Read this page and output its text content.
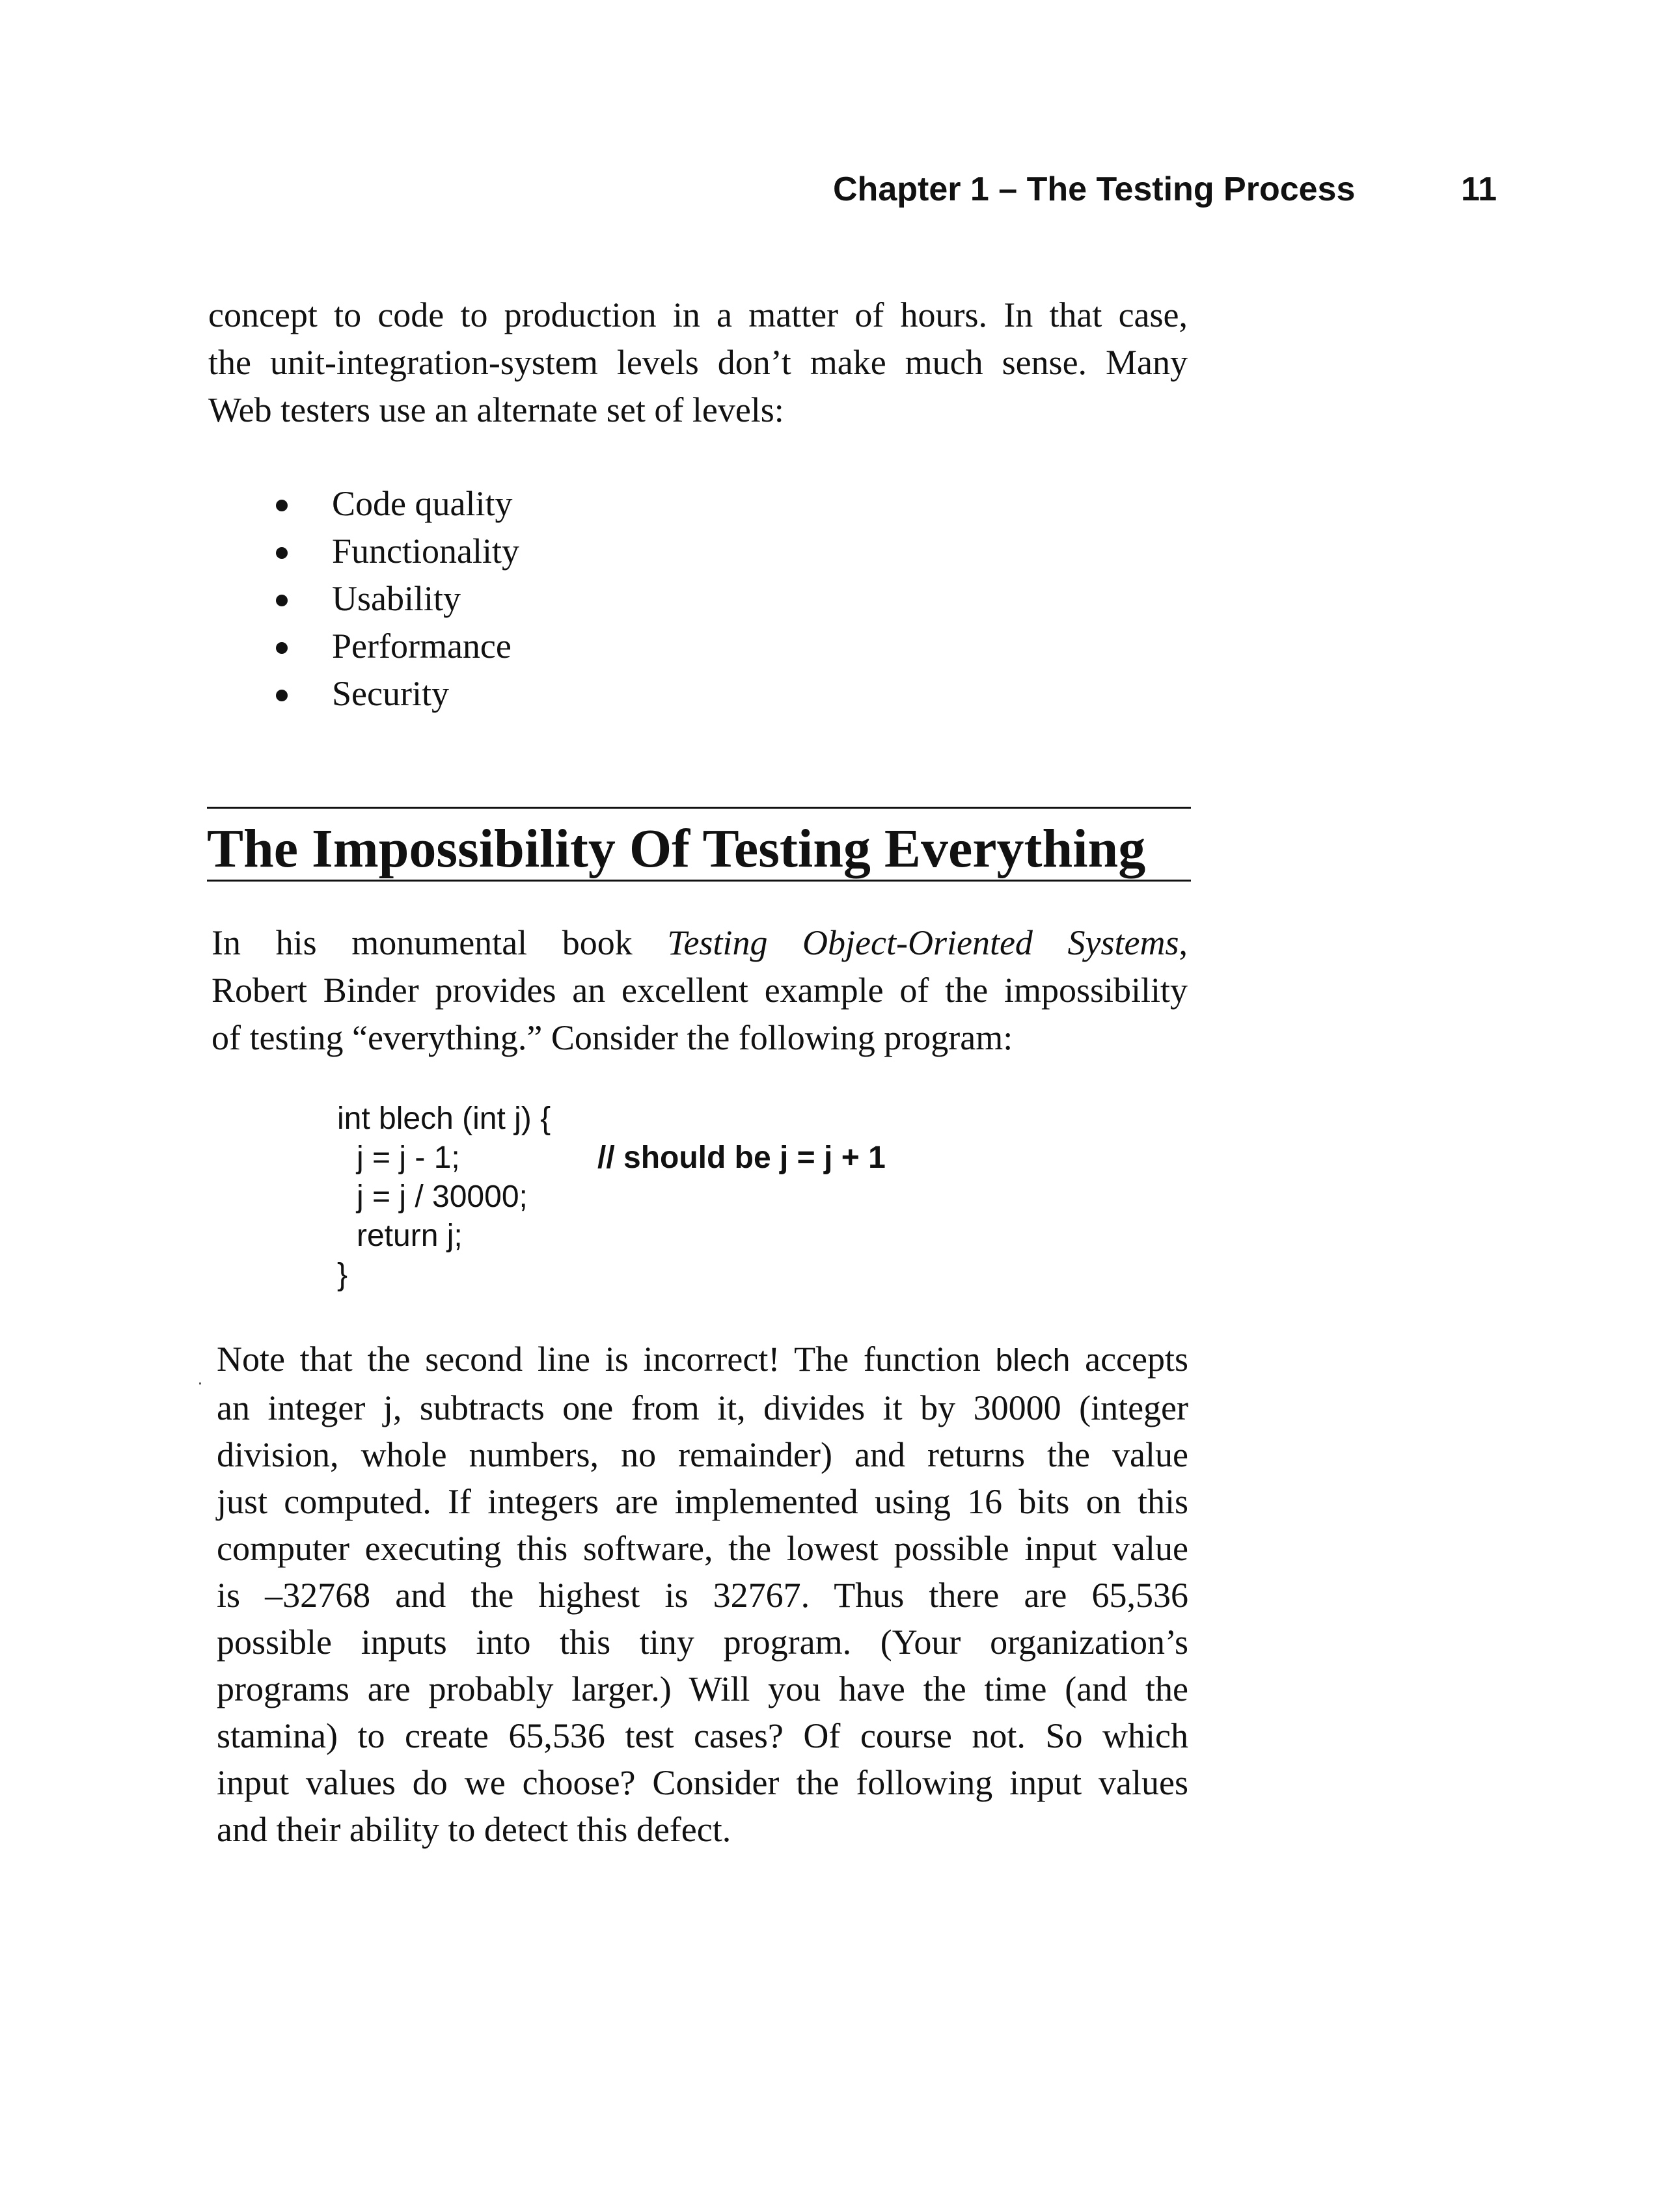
Chapter 1 – The Testing Process	11
concept to code to production in a matter of hours. In that case,
the unit-integration-system levels don’t make much sense. Many
Web testers use an alternate set of levels:
Code quality
Functionality
Usability
Performance
Security
The Impossibility Of Testing Everything
In his monumental book Testing Object-Oriented Systems,
Robert Binder provides an excellent example of the impossibility
of testing “everything.” Consider the following program:
int blech (int j) {
j = j - 1;	// should be j = j + 1
j = j / 30000;
return j;
}
Note that the second line is incorrect! The function blech accepts
an integer j, subtracts one from it, divides it by 30000 (integer
division, whole numbers, no remainder) and returns the value
just computed. If integers are implemented using 16 bits on this
computer executing this software, the lowest possible input value
is –32768 and the highest is 32767. Thus there are 65,536
possible inputs into this tiny program. (Your organization’s
programs are probably larger.) Will you have the time (and the
stamina) to create 65,536 test cases? Of course not. So which
input values do we choose? Consider the following input values
and their ability to detect this defect.
